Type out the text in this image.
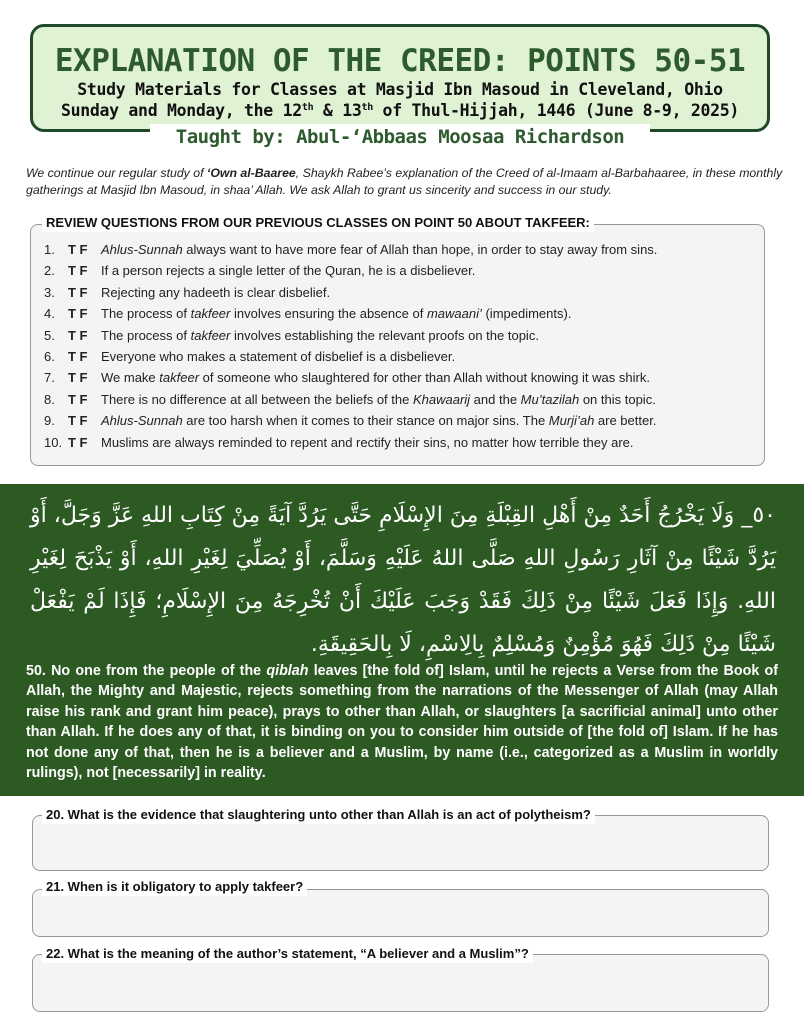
EXPLANATION OF THE CREED: POINTS 50-51
Study Materials for Classes at Masjid Ibn Masoud in Cleveland, Ohio
Sunday and Monday, the 12th & 13th of Thul-Hijjah, 1446 (June 8-9, 2025)
Taught by: Abul-‘Abbaas Moosaa Richardson
We continue our regular study of ‘Own al-Baaree, Shaykh Rabee’s explanation of the Creed of al-Imaam al-Barbahaaree, in these monthly gatherings at Masjid Ibn Masoud, in shaa’ Allah. We ask Allah to grant us sincerity and success in our study.
REVIEW QUESTIONS FROM OUR PREVIOUS CLASSES ON POINT 50 ABOUT TAKFEER:
1. T F Ahlus-Sunnah always want to have more fear of Allah than hope, in order to stay away from sins.
2. T F If a person rejects a single letter of the Quran, he is a disbeliever.
3. T F Rejecting any hadeeth is clear disbelief.
4. T F The process of takfeer involves ensuring the absence of mawaani’ (impediments).
5. T F The process of takfeer involves establishing the relevant proofs on the topic.
6. T F Everyone who makes a statement of disbelief is a disbeliever.
7. T F We make takfeer of someone who slaughtered for other than Allah without knowing it was shirk.
8. T F There is no difference at all between the beliefs of the Khawaarij and the Mu’tazilah on this topic.
9. T F Ahlus-Sunnah are too harsh when it comes to their stance on major sins. The Murji’ah are better.
10. T F Muslims are always reminded to repent and rectify their sins, no matter how terrible they are.
٥٠_ وَلَا يَخْرُجُ أَحَدٌ مِنْ أَهْلِ القِبْلَةِ مِنَ الإِسْلَامِ حَتَّى يَرُدَّ آيَةً مِنْ كِتَابِ اللهِ عَزَّ وَجَلَّ، أَوْ يَرُدَّ شَيْئًا مِنْ آثَارِ رَسُولِ اللهِ صَلَّى اللهُ عَلَيْهِ وَسَلَّمَ، أَوْ يُصَلِّيَ لِغَيْرِ اللهِ، أَوْ يَذْبَحَ لِغَيْرِ اللهِ. وَإِذَا فَعَلَ شَيْئًا مِنْ ذَلِكَ فَقَدْ وَجَبَ عَلَيْكَ أَنْ تُخْرِجَهُ مِنَ الإِسْلَامِ؛ فَإِذَا لَمْ يَفْعَلْ شَيْئًا مِنْ ذَلِكَ فَهُوَ مُؤْمِنٌ وَمُسْلِمٌ بِالِاسْمِ، لَا بِالحَقِيقَةِ.
50. No one from the people of the qiblah leaves [the fold of] Islam, until he rejects a Verse from the Book of Allah, the Mighty and Majestic, rejects something from the narrations of the Messenger of Allah (may Allah raise his rank and grant him peace), prays to other than Allah, or slaughters [a sacrificial animal] unto other than Allah. If he does any of that, it is binding on you to consider him outside of [the fold of] Islam. If he has not done any of that, then he is a believer and a Muslim, by name (i.e., categorized as a Muslim in worldly rulings), not [necessarily] in reality.
20. What is the evidence that slaughtering unto other than Allah is an act of polytheism?
21. When is it obligatory to apply takfeer?
22. What is the meaning of the author’s statement, “A believer and a Muslim”?
